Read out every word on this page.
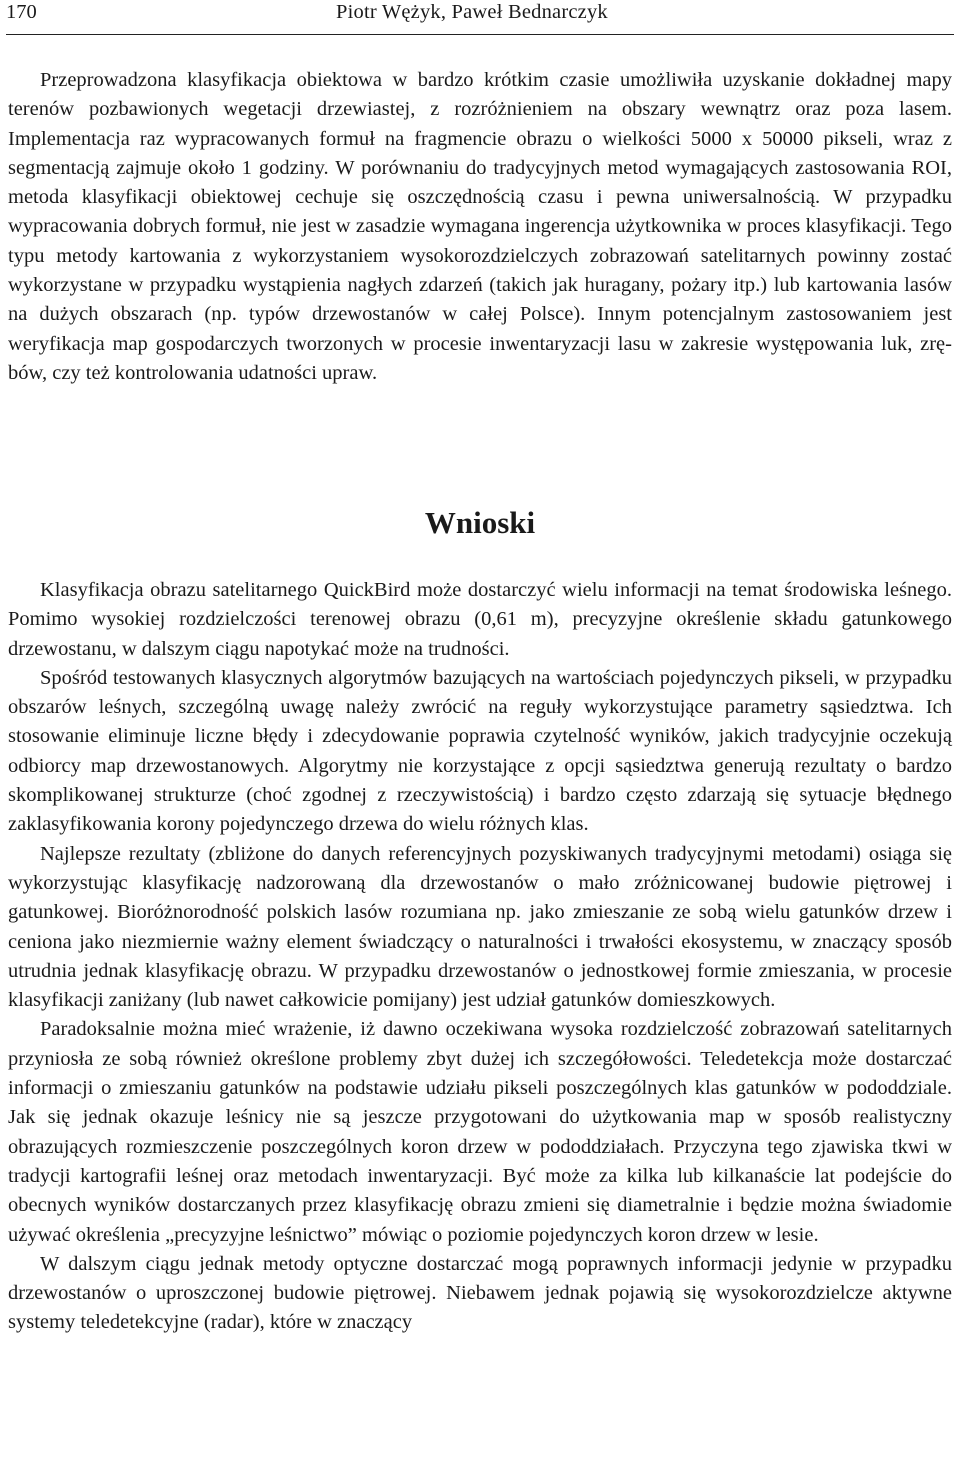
170	Piotr Wężyk, Paweł Bednarczyk

Przeprowadzona klasyfikacja obiektowa w bardzo krótkim czasie umożliwiła uzyskanie dokładnej mapy terenów pozbawionych wegetacji drzewiastej, z rozróżnieniem na obszary wewnątrz oraz poza lasem. Implementacja raz wypracowanych formuł na fragmencie obrazu o wielkości 5000 x 50000 pikseli, wraz z segmentacją zajmuje około 1 godziny. W porównaniu do tradycyjnych metod wymagających zastosowania ROI, metoda klasyfikacji obiektowej cechuje się oszczędnością czasu i pewna uniwersalnością. W przypadku wypracowania dobrych formuł, nie jest w zasadzie wymagana ingerencja użytkownika w proces klasyfikacji. Tego typu metody kartowania z wykorzystaniem wysokorozdzielczych zobrazowań satelitarnych powinny zostać wykorzystane w przypadku wystąpienia nagłych zdarzeń (takich jak huragany, pożary itp.) lub kartowania lasów na dużych obszarach (np. typów drzewostanów w całej Polsce). Innym potencjalnym zastosowaniem jest weryfikacja map gospodarczych tworzonych w procesie inwentaryzacji lasu w zakresie występowania luk, zrębów, czy też kontrolowania udatności upraw.

Wnioski

Klasyfikacja obrazu satelitarnego QuickBird może dostarczyć wielu informacji na temat środowiska leśnego. Pomimo wysokiej rozdzielczości terenowej obrazu (0,61 m), precyzyjne określenie składu gatunkowego drzewostanu, w dalszym ciągu napotykać może na trudności.

Spośród testowanych klasycznych algorytmów bazujących na wartościach pojedynczych pikseli, w przypadku obszarów leśnych, szczególną uwagę należy zwrócić na reguły wykorzystujące parametry sąsiedztwa. Ich stosowanie eliminuje liczne błędy i zdecydowanie poprawia czytelność wyników, jakich tradycyjnie oczekują odbiorcy map drzewostanowych. Algorytmy nie korzystające z opcji sąsiedztwa generują rezultaty o bardzo skomplikowanej strukturze (choć zgodnej z rzeczywistością) i bardzo często zdarzają się sytuacje błędnego zaklasyfikowania korony pojedynczego drzewa do wielu różnych klas.

Najlepsze rezultaty (zbliżone do danych referencyjnych pozyskiwanych tradycyjnymi metodami) osiąga się wykorzystując klasyfikację nadzorowaną dla drzewostanów o mało zróżnicowanej budowie piętrowej i gatunkowej. Bioróżnorodność polskich lasów rozumiana np. jako zmieszanie ze sobą wielu gatunków drzew i ceniona jako niezmiernie ważny element świadczący o naturalności i trwałości ekosystemu, w znaczący sposób utrudnia jednak klasyfikację obrazu. W przypadku drzewostanów o jednostkowej formie zmieszania, w procesie klasyfikacji zaniżany (lub nawet całkowicie pomijany) jest udział gatunków domieszkowych.

Paradoksalnie można mieć wrażenie, iż dawno oczekiwana wysoka rozdzielczość zobrazowań satelitarnych przyniosła ze sobą również określone problemy zbyt dużej ich szczegółowości. Teledetekcja może dostarczać informacji o zmieszaniu gatunków na podstawie udziału pikseli poszczególnych klas gatunków w pododdziale. Jak się jednak okazuje leśnicy nie są jeszcze przygotowani do użytkowania map w sposób realistyczny obrazujących rozmieszczenie poszczególnych koron drzew w pododdziałach. Przyczyna tego zjawiska tkwi w tradycji kartografii leśnej oraz metodach inwentaryzacji. Być może za kilka lub kilkanaście lat podejście do obecnych wyników dostarczanych przez klasyfikację obrazu zmieni się diametralnie i będzie można świadomie używać określenia „precyzyjne leśnictwo” mówiąc o poziomie pojedynczych koron drzew w lesie.

W dalszym ciągu jednak metody optyczne dostarczać mogą poprawnych informacji jedynie w przypadku drzewostanów o uproszczonej budowie piętrowej. Niebawem jednak pojawią się wysokorozdzielcze aktywne systemy teledetekcyjne (radar), które w znaczący
